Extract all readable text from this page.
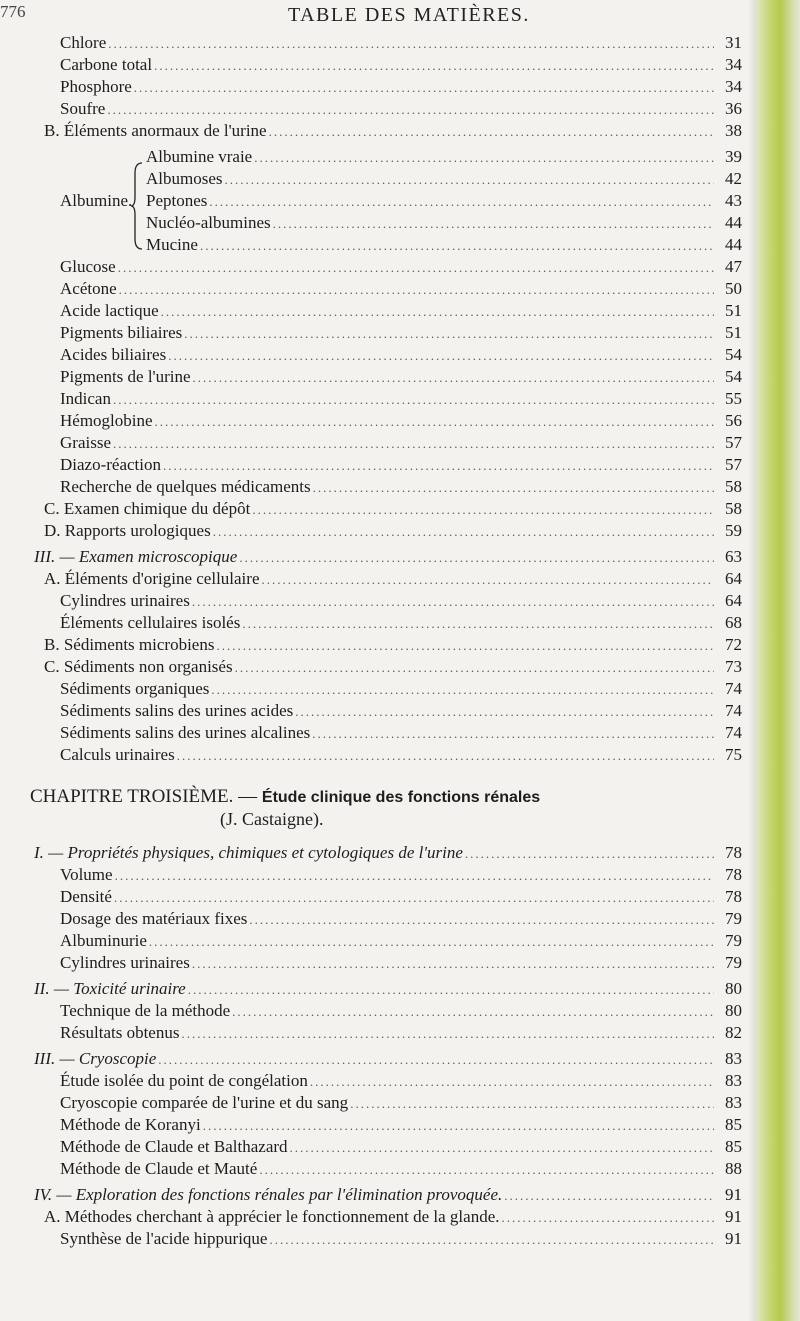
776	TABLE DES MATIÈRES.
Chlore .....	31
Carbone total .....	34
Phosphore .....	34
Soufre .....	36
B. Éléments anormaux de l'urine .....	38
Albumine.
Albumine vraie .....	39
Albumoses .....	42
Peptones .....	43
Nucléo-albumines .....	44
Mucine .....	44
Glucose .....	47
Acétone .....	50
Acide lactique .....	51
Pigments biliaires .....	51
Acides biliaires .....	54
Pigments de l'urine .....	54
Indican .....	55
Hémoglobine .....	56
Graisse .....	57
Diazo-réaction .....	57
Recherche de quelques médicaments .....	58
C. Examen chimique du dépôt .....	58
D. Rapports urologiques .....	59
III. — Examen microscopique .....	63
A. Éléments d'origine cellulaire .....	64
Cylindres urinaires .....	64
Éléments cellulaires isolés .....	68
B. Sédiments microbiens .....	72
C. Sédiments non organisés .....	73
Sédiments organiques .....	74
Sédiments salins des urines acides .....	74
Sédiments salins des urines alcalines .....	74
Calculs urinaires .....	75
CHAPITRE TROISIÈME. — Étude clinique des fonctions rénales
(J. Castaigne).
I. — Propriétés physiques, chimiques et cytologiques de l'urine .....	78
Volume .....	78
Densité .....	78
Dosage des matériaux fixes .....	79
Albuminurie .....	79
Cylindres urinaires .....	79
II. — Toxicité urinaire .....	80
Technique de la méthode .....	80
Résultats obtenus .....	82
III. — Cryoscopie .....	83
Étude isolée du point de congélation .....	83
Cryoscopie comparée de l'urine et du sang .....	83
Méthode de Koranyi .....	85
Méthode de Claude et Balthazard .....	85
Méthode de Claude et Mauté .....	88
IV. — Exploration des fonctions rénales par l'élimination provoquée. .....	91
A. Méthodes cherchant à apprécier le fonctionnement de la glande. .....	91
Synthèse de l'acide hippurique .....	91
